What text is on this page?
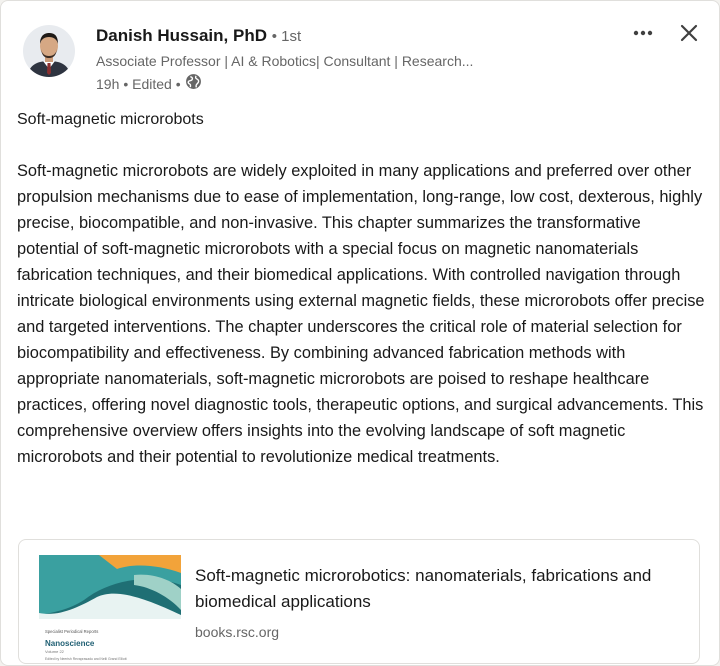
Danish Hussain, PhD • 1st
Associate Professor | AI & Robotics| Consultant | Research...
19h • Edited •
Soft-magnetic microrobots
Soft-magnetic microrobots are widely exploited in many applications and preferred over other propulsion mechanisms due to ease of implementation, long-range, low cost, dexterous, highly precise, biocompatible, and non-invasive. This chapter summarizes the transformative potential of soft-magnetic microrobots with a special focus on magnetic nanomaterials fabrication techniques, and their biomedical applications. With controlled navigation through intricate biological environments using external magnetic fields, these microrobots offer precise and targeted interventions. The chapter underscores the critical role of material selection for biocompatibility and effectiveness. By combining advanced fabrication methods with appropriate nanomaterials, soft-magnetic microrobots are poised to reshape healthcare practices, offering novel diagnostic tools, therapeutic options, and surgical advancements. This comprehensive overview offers insights into the evolving landscape of soft magnetic microrobots and their potential to revolutionize medical treatments.
Specialist Periodical Reports
Nanoscience
Volume 22
Edited by Neerish Revaprasadu and Nelli Grand Elliott
Soft-magnetic microrobotics: nanomaterials, fabrications and biomedical applications
books.rsc.org
